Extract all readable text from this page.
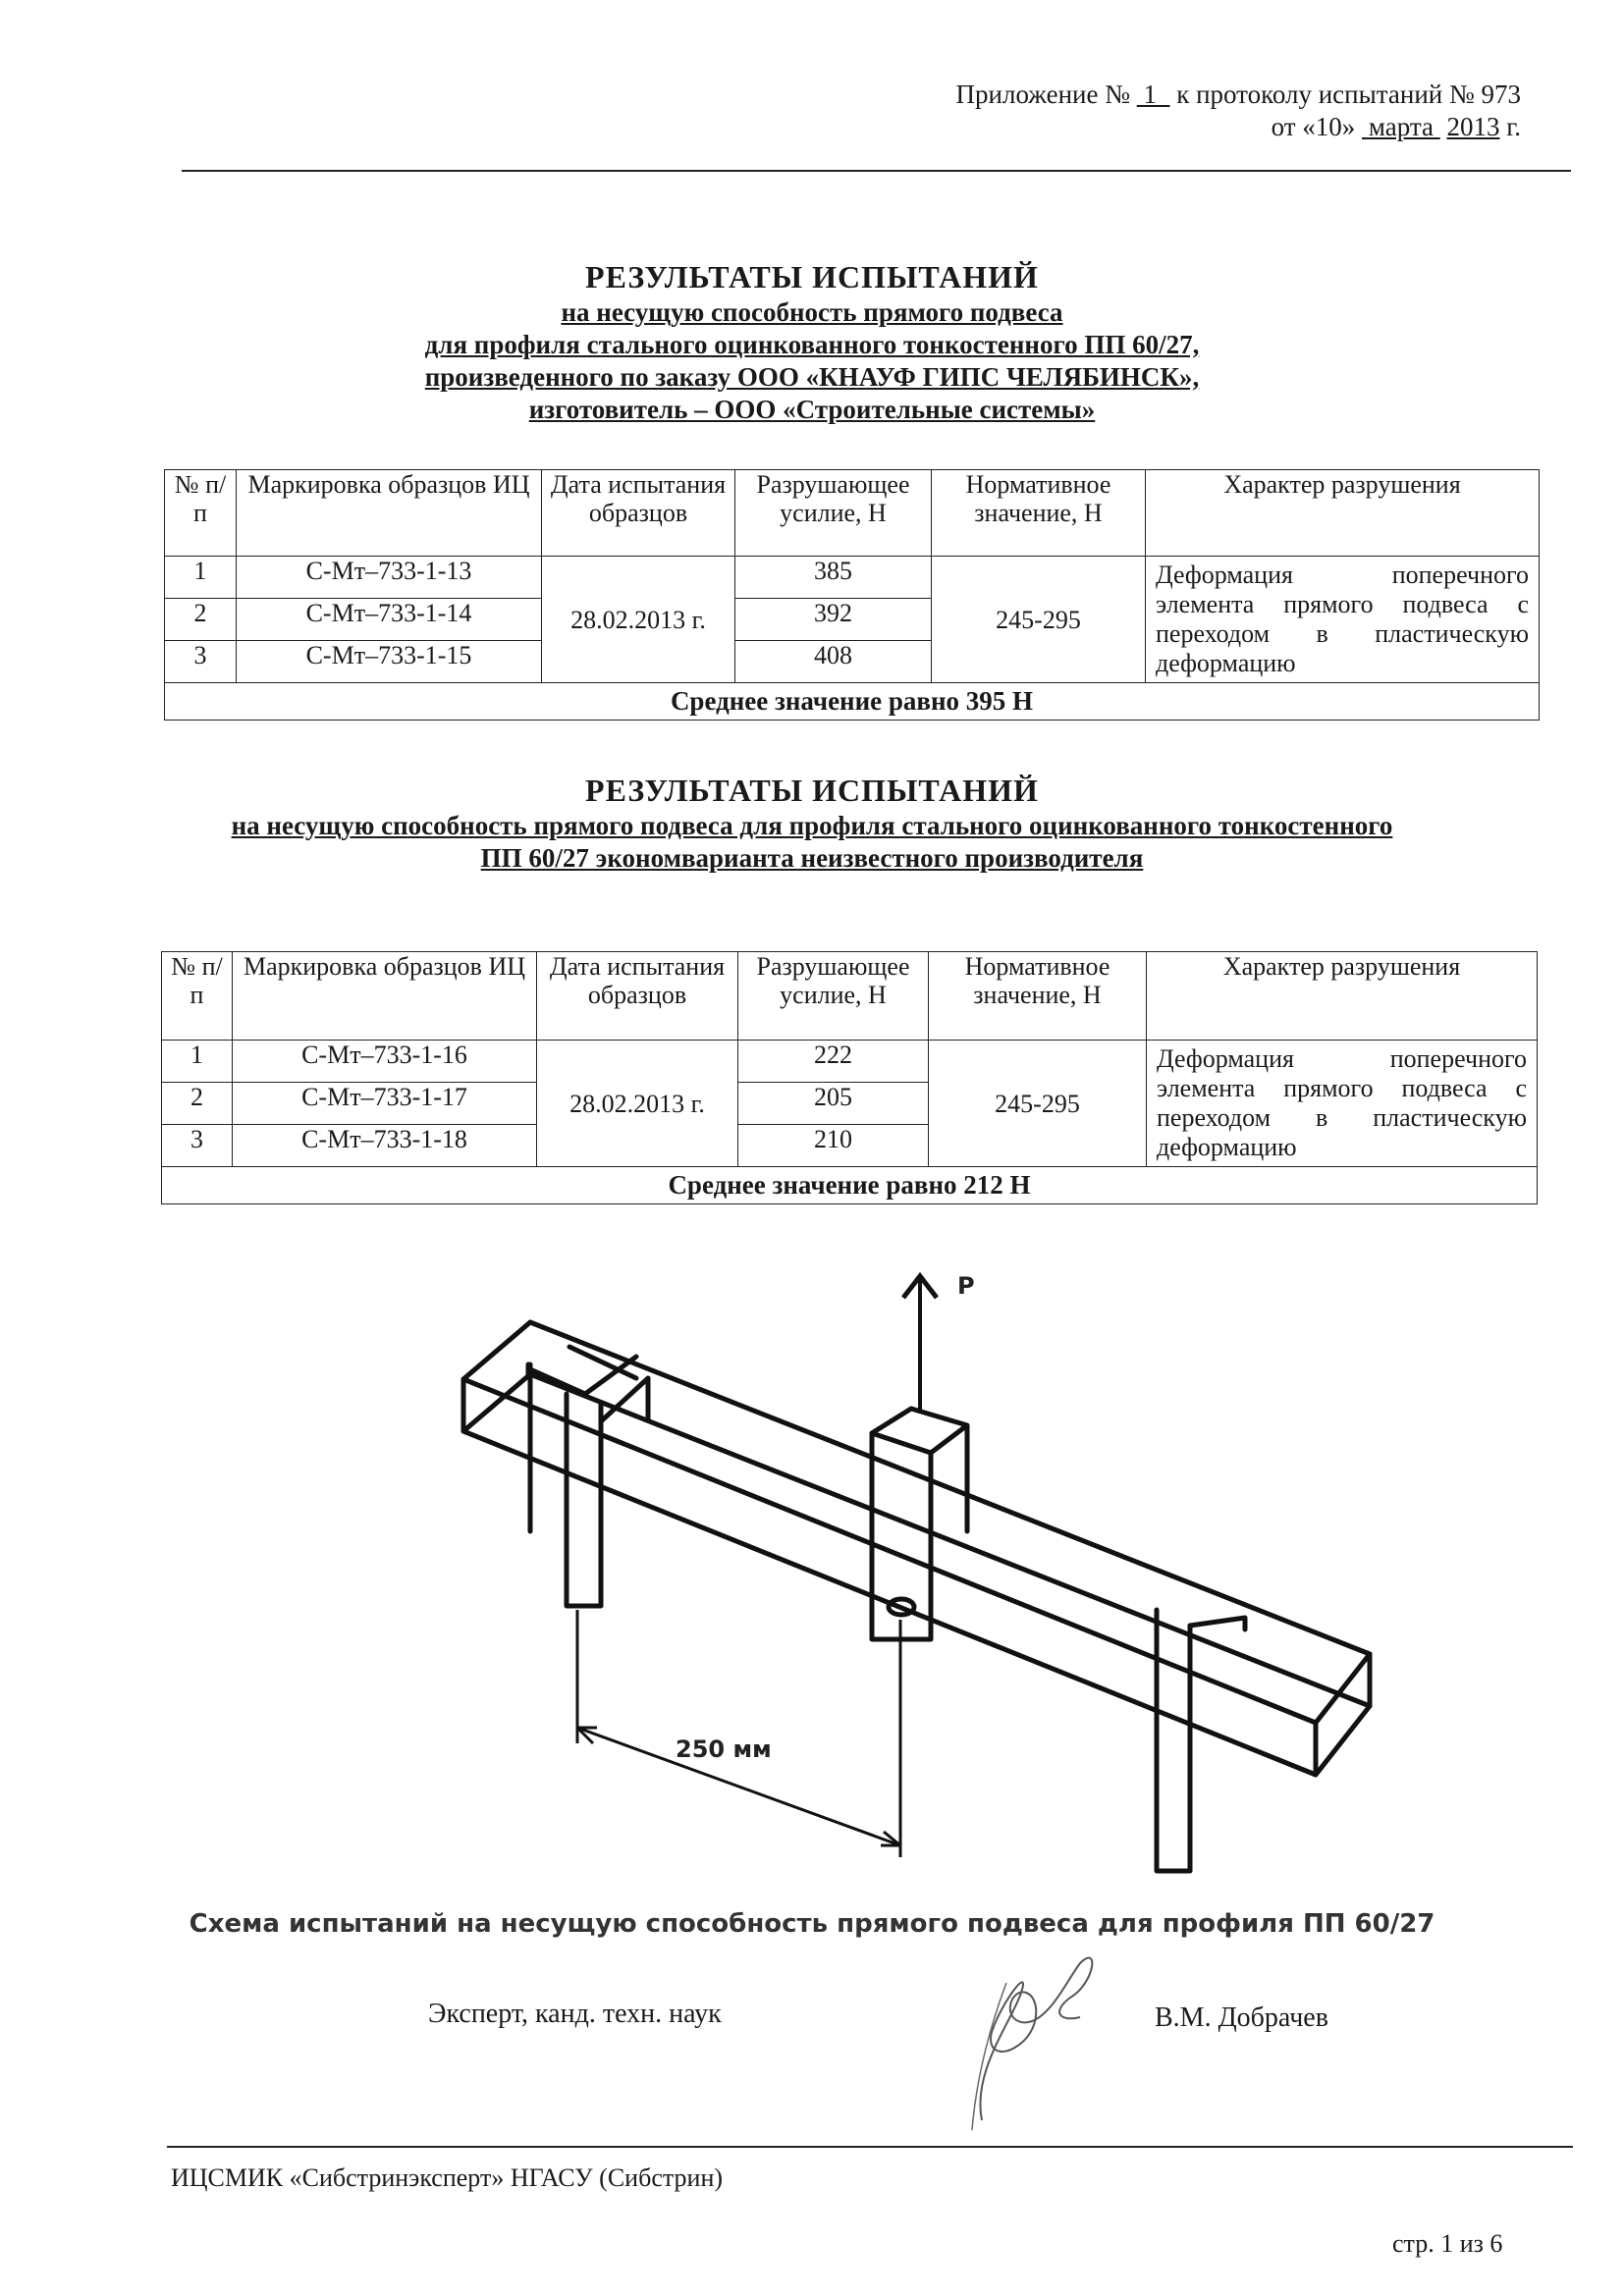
Приложение № 1 к протоколу испытаний № 973
от «10» марта 2013 г.
РЕЗУЛЬТАТЫ ИСПЫТАНИЙ
на несущую способность прямого подвеса
для профиля стального оцинкованного тонкостенного ПП 60/27,
произведенного по заказу ООО «КНАУФ ГИПС ЧЕЛЯБИНСК»,
изготовитель – ООО «Строительные системы»
№ п/п	Маркировка образцов ИЦ	Дата испытания образцов	Разрушающее усилие, Н	Нормативное значение, Н	Характер разрушения
1	С-Мт–733-1-13	28.02.2013 г.	385	245-295	Деформация поперечного элемента прямого подвеса с переходом в пластическую деформацию
2	С-Мт–733-1-14		392		
3	С-Мт–733-1-15		408		
Среднее значение равно 395 Н					
РЕЗУЛЬТАТЫ ИСПЫТАНИЙ
на несущую способность прямого подвеса для профиля стального оцинкованного тонкостенного
ПП 60/27 экономварианта неизвестного производителя
№ п/п	Маркировка образцов ИЦ	Дата испытания образцов	Разрушающее усилие, Н	Нормативное значение, Н	Характер разрушения
1	С-Мт–733-1-16	28.02.2013 г.	222	245-295	Деформация поперечного элемента прямого подвеса с переходом в пластическую деформацию
2	С-Мт–733-1-17		205		
3	С-Мт–733-1-18		210		
Среднее значение равно 212 Н					
P
250 мм
Схема испытаний на несущую способность прямого подвеса для профиля ПП 60/27
Эксперт, канд. техн. наук	В.М. Добрачев
ИЦСМИК «Сибстринэксперт» НГАСУ (Сибстрин)
стр. 1 из 6
